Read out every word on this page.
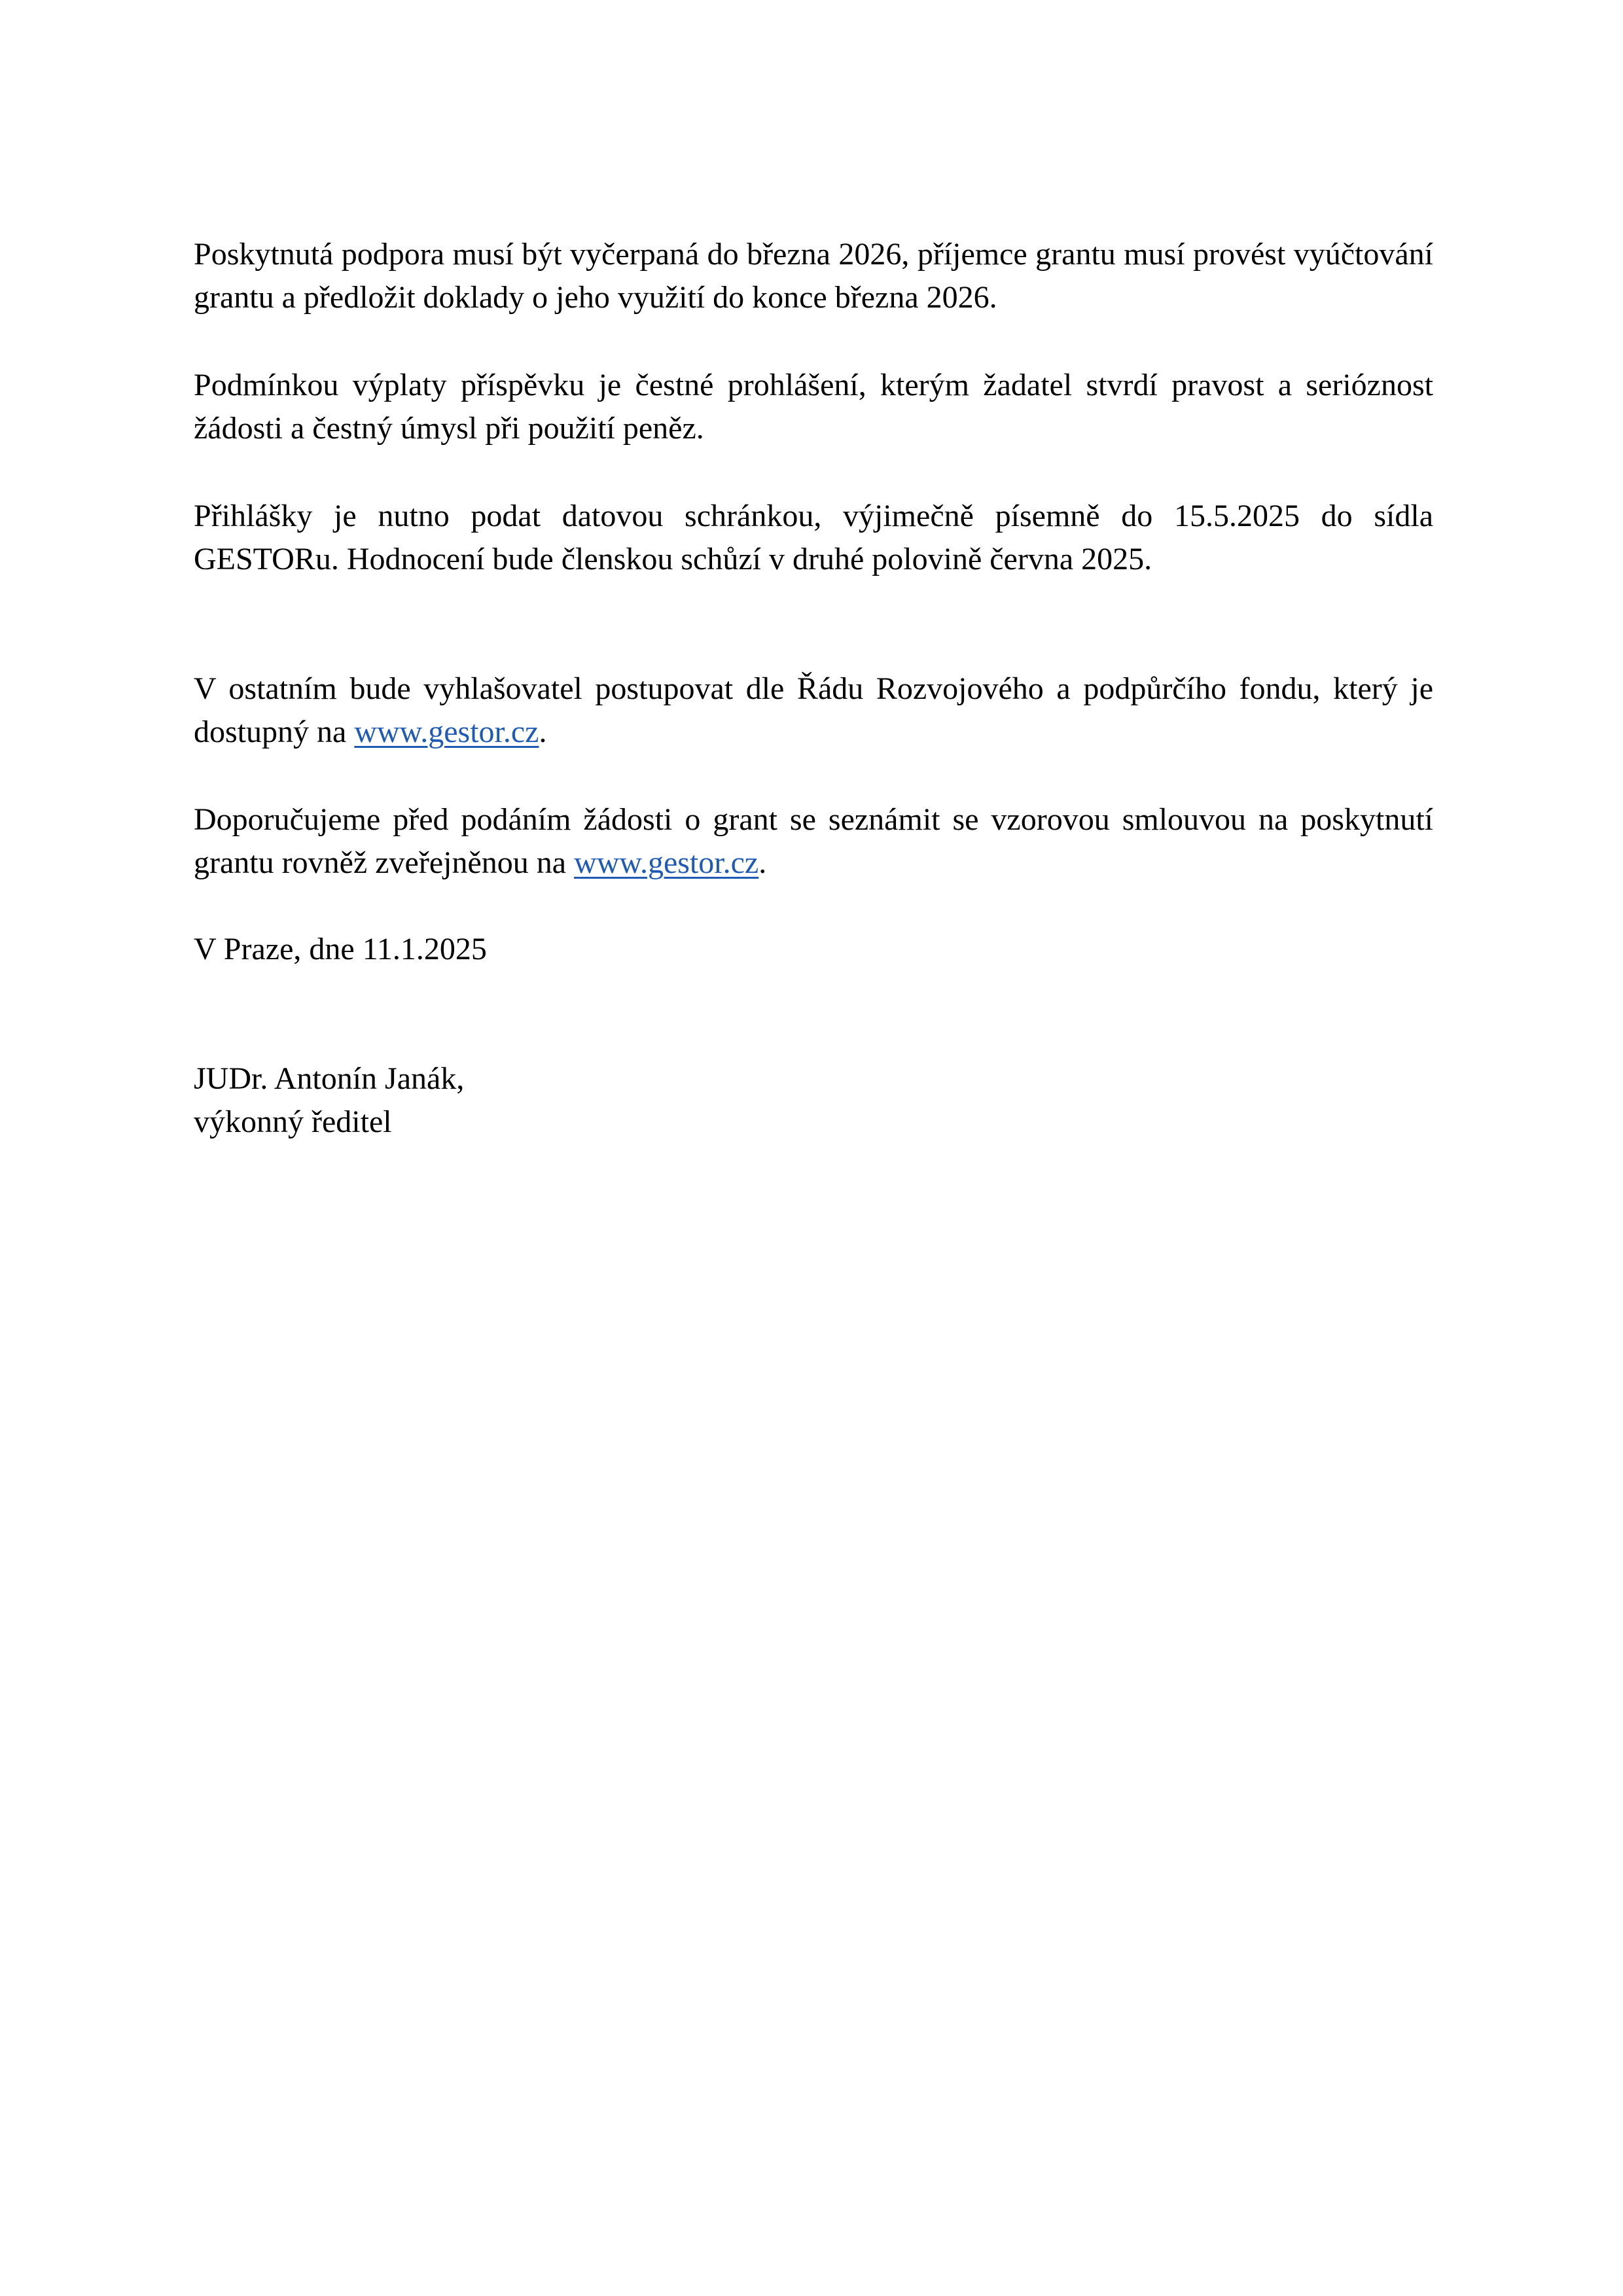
Poskytnutá podpora musí být vyčerpaná do března 2026, příjemce grantu musí provést vyúčtování grantu a předložit doklady o jeho využití do konce března 2026.

Podmínkou výplaty příspěvku je čestné prohlášení, kterým žadatel stvrdí pravost a serióznost žádosti a čestný úmysl při použití peněz.

Přihlášky je nutno podat datovou schránkou, výjimečně písemně do 15.5.2025 do sídla GESTORu. Hodnocení bude členskou schůzí v druhé polovině června 2025.

V ostatním bude vyhlašovatel postupovat dle Řádu Rozvojového a podpůrčího fondu, který je dostupný na www.gestor.cz.

Doporučujeme před podáním žádosti o grant se seznámit se vzorovou smlouvou na poskytnutí grantu rovněž zveřejněnou na www.gestor.cz.

V Praze, dne 11.1.2025

JUDr. Antonín Janák,
výkonný ředitel
